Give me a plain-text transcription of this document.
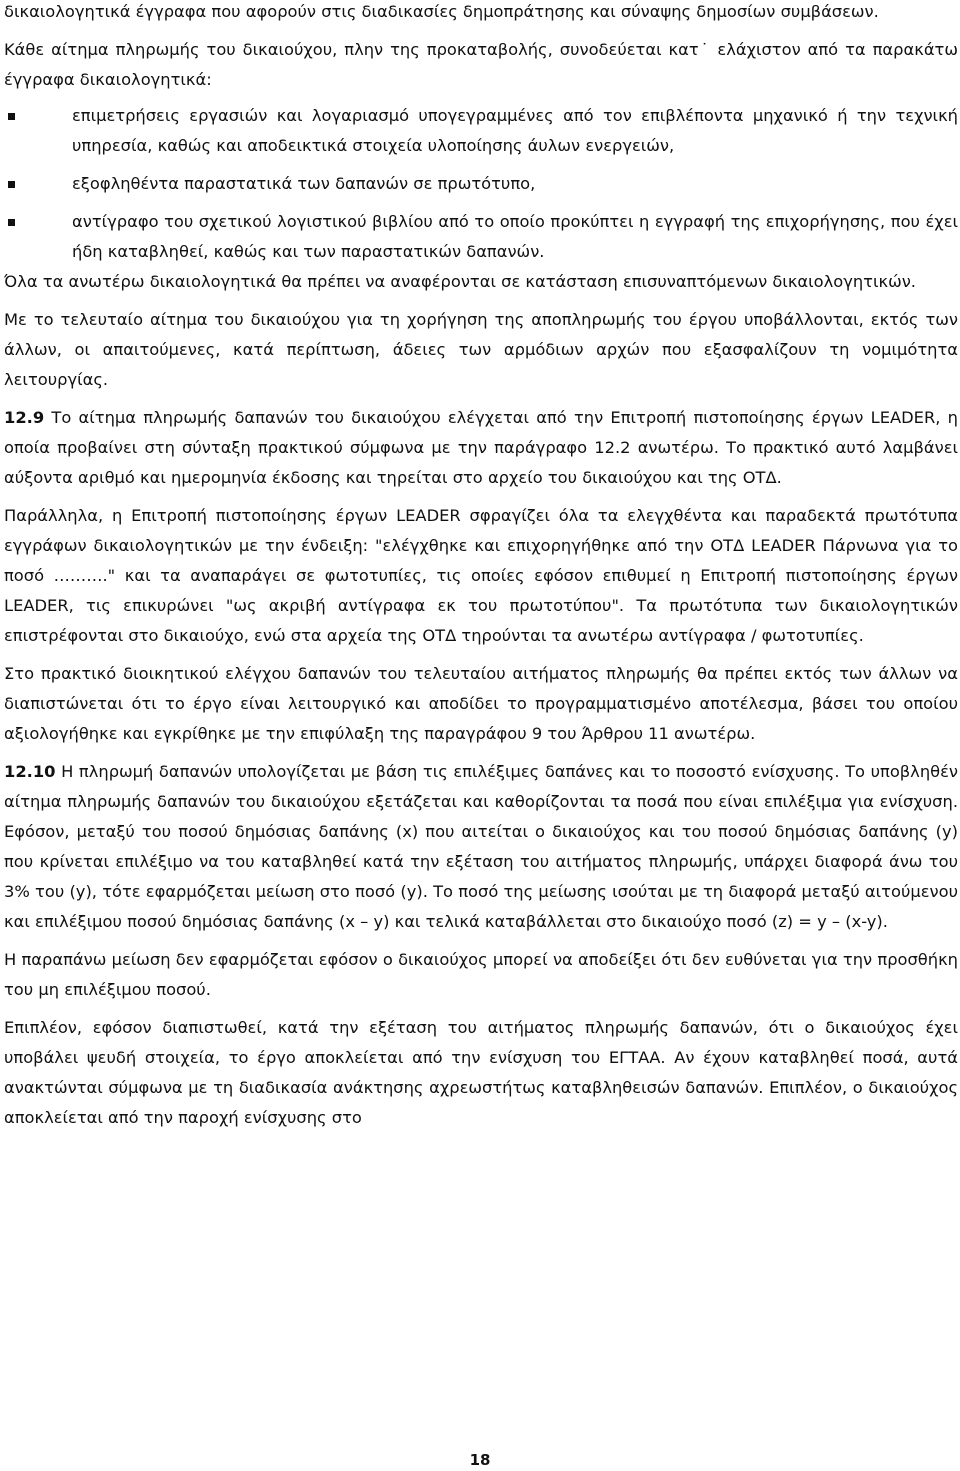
δικαιολογητικά έγγραφα που αφορούν στις διαδικασίες δημοπράτησης και σύναψης δημοσίων συμβάσεων.

Κάθε αίτημα πληρωμής του δικαιούχου, πλην της προκαταβολής, συνοδεύεται κατ˙ ελάχιστον από τα παρακάτω έγγραφα δικαιολογητικά:

επιμετρήσεις εργασιών και λογαριασμό υπογεγραμμένες από τον επιβλέποντα μηχανικό ή την τεχνική υπηρεσία, καθώς και αποδεικτικά στοιχεία υλοποίησης άυλων ενεργειών,
εξοφληθέντα παραστατικά των δαπανών σε πρωτότυπο,
αντίγραφο του σχετικού λογιστικού βιβλίου από το οποίο προκύπτει η εγγραφή της επιχορήγησης, που έχει ήδη καταβληθεί, καθώς και των παραστατικών δαπανών.

Όλα τα ανωτέρω δικαιολογητικά θα πρέπει να αναφέρονται σε κατάσταση επισυναπτόμενων δικαιολογητικών.

Με το τελευταίο αίτημα του δικαιούχου για τη χορήγηση της αποπληρωμής του έργου υποβάλλονται, εκτός των άλλων, οι απαιτούμενες, κατά περίπτωση, άδειες των αρμόδιων αρχών που εξασφαλίζουν τη νομιμότητα λειτουργίας.

12.9 Το αίτημα πληρωμής δαπανών του δικαιούχου ελέγχεται από την Επιτροπή πιστοποίησης έργων LEADER, η οποία προβαίνει στη σύνταξη πρακτικού σύμφωνα με την παράγραφο 12.2 ανωτέρω. Το πρακτικό αυτό λαμβάνει αύξοντα αριθμό και ημερομηνία έκδοσης και τηρείται στο αρχείο του δικαιούχου και της ΟΤΔ.

Παράλληλα, η Επιτροπή πιστοποίησης έργων LEADER σφραγίζει όλα τα ελεγχθέντα και παραδεκτά πρωτότυπα εγγράφων δικαιολογητικών με την ένδειξη: "ελέγχθηκε και επιχορηγήθηκε από την ΟΤΔ LEADER Πάρνωνα για το ποσό ………." και τα αναπαράγει σε φωτοτυπίες, τις οποίες εφόσον επιθυμεί η Επιτροπή πιστοποίησης έργων LEADER, τις επικυρώνει "ως ακριβή αντίγραφα εκ του πρωτοτύπου". Τα πρωτότυπα των δικαιολογητικών επιστρέφονται στο δικαιούχο, ενώ στα αρχεία της ΟΤΔ τηρούνται τα ανωτέρω αντίγραφα / φωτοτυπίες.

Στο πρακτικό διοικητικού ελέγχου δαπανών του τελευταίου αιτήματος πληρωμής θα πρέπει εκτός των άλλων να διαπιστώνεται ότι το έργο είναι λειτουργικό και αποδίδει το προγραμματισμένο αποτέλεσμα, βάσει του οποίου αξιολογήθηκε και εγκρίθηκε με την επιφύλαξη της παραγράφου 9 του Άρθρου 11 ανωτέρω.

12.10 Η πληρωμή δαπανών υπολογίζεται με βάση τις επιλέξιμες δαπάνες και το ποσοστό ενίσχυσης. Το υποβληθέν αίτημα πληρωμής δαπανών του δικαιούχου εξετάζεται και καθορίζονται τα ποσά που είναι επιλέξιμα για ενίσχυση. Εφόσον, μεταξύ του ποσού δημόσιας δαπάνης (x) που αιτείται ο δικαιούχος και του ποσού δημόσιας δαπάνης (y) που κρίνεται επιλέξιμο να του καταβληθεί κατά την εξέταση του αιτήματος πληρωμής, υπάρχει διαφορά άνω του 3% του (y), τότε εφαρμόζεται μείωση στο ποσό (y). Το ποσό της μείωσης ισούται με τη διαφορά μεταξύ αιτούμενου και επιλέξιμου ποσού δημόσιας δαπάνης (x – y) και τελικά καταβάλλεται στο δικαιούχο ποσό (z) = y – (x-y).

Η παραπάνω μείωση δεν εφαρμόζεται εφόσον ο δικαιούχος μπορεί να αποδείξει ότι δεν ευθύνεται για την προσθήκη του μη επιλέξιμου ποσού.

Επιπλέον, εφόσον διαπιστωθεί, κατά την εξέταση του αιτήματος πληρωμής δαπανών, ότι ο δικαιούχος έχει υποβάλει ψευδή στοιχεία, το έργο αποκλείεται από την ενίσχυση του ΕΓΤΑΑ. Αν έχουν καταβληθεί ποσά, αυτά ανακτώνται σύμφωνα με τη διαδικασία ανάκτησης αχρεωστήτως καταβληθεισών δαπανών. Επιπλέον, ο δικαιούχος αποκλείεται από την παροχή ενίσχυσης στο

18
